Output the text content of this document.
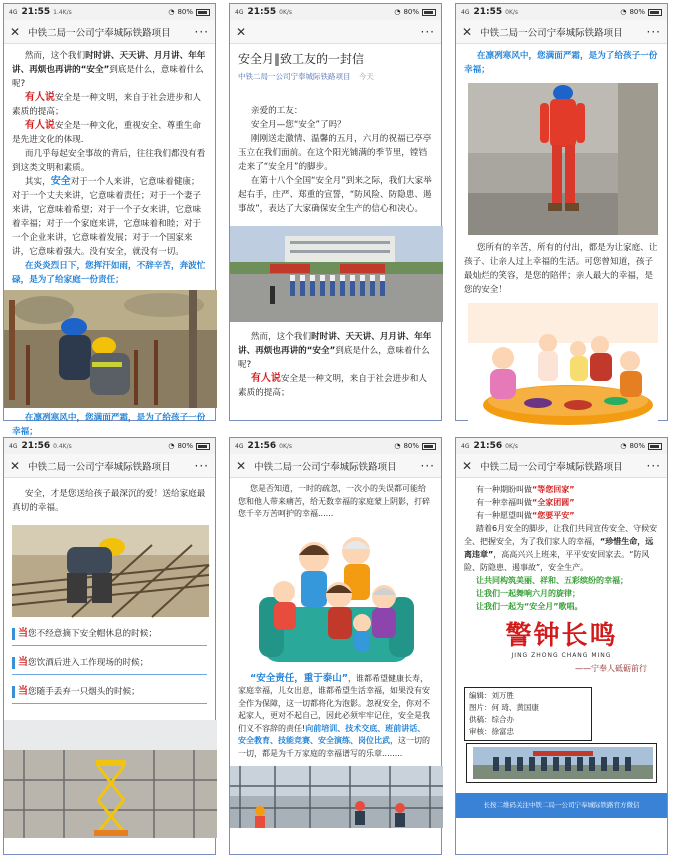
4G 21:55 1.4K/s	◔ 80%
✕ 中铁二局一公司宁奉城际铁路项目	···

然而，这个我们时时讲、天天讲、月月讲、年年讲、再烦也再讲的“安全”到底是什么，意味着什么呢?

有人说安全是一种文明，来自于社会进步和人素质的提高；

有人说安全是一种文化，重视安全、尊重生命是先进文化的体现.

而几乎每起安全事故的背后，往往我们都没有看到这类文明和素质。

其实，安全对于一个人来讲，它意味着健康；对于一个丈夫来讲，它意味着责任；对于一个妻子来讲，它意味着希望；对于一个子女来讲，它意味着幸福；对于一个家庭来讲，它意味着和睦；对于一个企业来讲，它意味着发展；对于一个国家来讲，它意味着强大。没有安全，就没有一切。

在炎炎烈日下，您挥汗如雨，不辞辛苦，奔波忙碌，是为了给家庭一份责任；

在凛冽寒风中，您满面严霜，是为了给孩子一份幸福；

4G 21:55 0K/s	◔ 80%
✕	···
安全月‖致工友的一封信
中铁二局一公司宁奉城际铁路项目 今天

亲爱的工友：

安全月—您“安全”了吗？

刚刚送走激情、温馨的五月，六月的祝福已亭亭玉立在我们面前。在这个阳光铺满的季节里，镗铛走来了“安全月”的脚步。

在第十八个全国“安全月”到来之际，我们大家举起右手，庄严、郑重的宣誓，“防风险、防隐患、遏事故”，表达了大家确保安全生产的信心和决心。

然而，这个我们时时讲、天天讲、月月讲、年年讲、再烦也再讲的“安全”到底是什么，意味着什么呢?

有人说安全是一种文明，来自于社会进步和人素质的提高；

4G 21:55 0K/s	◔ 80%
✕ 中铁二局一公司宁奉城际铁路项目	···

在凛冽寒风中，您满面严霜，是为了给孩子一份幸福；

您所有的辛苦，所有的付出，都是为让家庭、让孩子、让亲人过上幸福的生活。可您曾知道，孩子最灿烂的笑容，是您的陪伴；亲人最大的幸福，是您的安全！

4G 21:56 0.4K/s	◔ 80%
✕ 中铁二局一公司宁奉城际铁路项目	···

安全，才是您送给孩子最深沉的爱！送给家庭最真切的幸福。

当 您不经意摘下安全帽休息的时候；
当 您饮酒后进入工作现场的时候；
当 您随手丢弃一只烟头的时候；
4G 21:56 0K/s	◔ 80%
✕ 中铁二局一公司宁奉城际铁路项目	···

您是否知道，一时的疏忽，一次小的失误都可能给您和他人带来痛苦，给无数幸福的家庭蒙上阴影，打碎您千辛万苦呵护的幸福......

“安全责任，重于泰山”，谁都希望健康长寿，家庭幸福，儿女出息，谁都希望生活幸福，如果没有安全作为保障，这一切都将化为泡影。忽视安全，你对不起家人，更对不起自己，因此必须牢牢记住，安全是我们义不容辞的责任!向前培训、技术交底、班前讲话、安全教育、技能竞赛、安全演练、岗位比武，这一切的一切，都是为千万家庭的幸福谱写的乐章........

4G 21:56 0K/s	◔ 80%
✕ 中铁二局一公司宁奉城际铁路项目	···

有一种期盼叫做“等您回家”

有一种幸福叫做“全家团圆”

有一种愿望叫做“您要平安”

踏着6月安全的脚步，让我们共同宣传安全、守候安全、把握安全，为了我们家人的幸福，“珍惜生命，远离违章”，高高兴兴上班来，平平安安回家去。“防风险、防隐患、遏事故”，安全生产。

让共同构筑美丽、祥和、五彩缤纷的幸福；

让我们一起舞响六月的旋律；

让我们一起为“安全月”歌唱。

警钟长鸣
JING ZHONG CHANG MING
——宁奉人砥砺前行
编辑：刘万胜
图片：何 琦、黄国康
供稿：综合办
审核：徐富忠
长按二维码关注中铁二局一公司宁奉城际铁路官方微信
